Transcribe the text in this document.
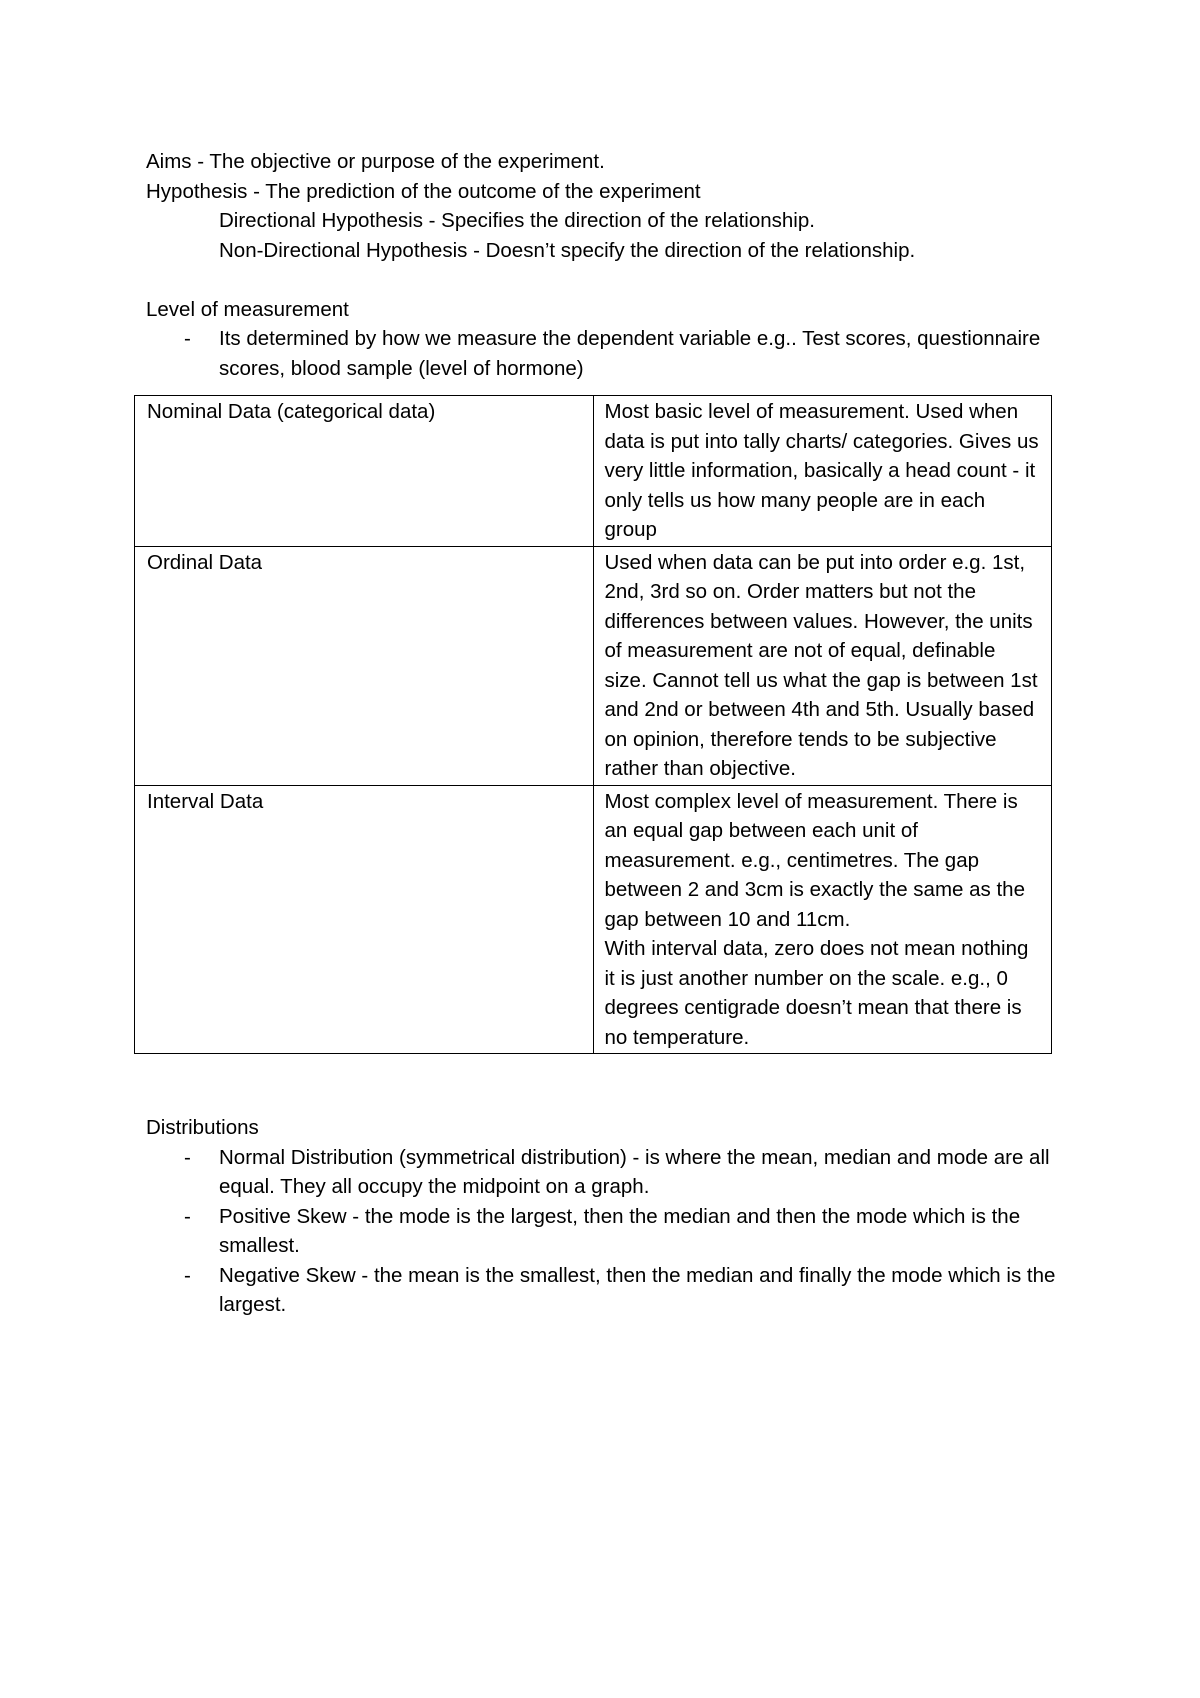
Aims - The objective or purpose of the experiment.
Hypothesis - The prediction of the outcome of the experiment
Directional Hypothesis - Specifies the direction of the relationship.
Non-Directional Hypothesis - Doesn’t specify the direction of the relationship.
Level of measurement
- Its determined by how we measure the dependent variable e.g.. Test scores, questionnaire scores, blood sample (level of hormone)
Nominal Data (categorical data)	Most basic level of measurement. Used when data is put into tally charts/ categories. Gives us very little information, basically a head count - it only tells us how many people are in each group
Ordinal Data	Used when data can be put into order e.g. 1st, 2nd, 3rd so on. Order matters but not the differences between values. However, the units of measurement are not of equal, definable size. Cannot tell us what the gap is between 1st and 2nd or between 4th and 5th. Usually based on opinion, therefore tends to be subjective rather than objective.
Interval Data	Most complex level of measurement. There is an equal gap between each unit of measurement. e.g., centimetres. The gap between 2 and 3cm is exactly the same as the gap between 10 and 11cm.
With interval data, zero does not mean nothing it is just another number on the scale. e.g., 0 degrees centigrade doesn’t mean that there is no temperature.
Distributions
- Normal Distribution (symmetrical distribution) - is where the mean, median and mode are all equal. They all occupy the midpoint on a graph.
- Positive Skew - the mode is the largest, then the median and then the mode which is the smallest.
- Negative Skew - the mean is the smallest, then the median and finally the mode which is the largest.
